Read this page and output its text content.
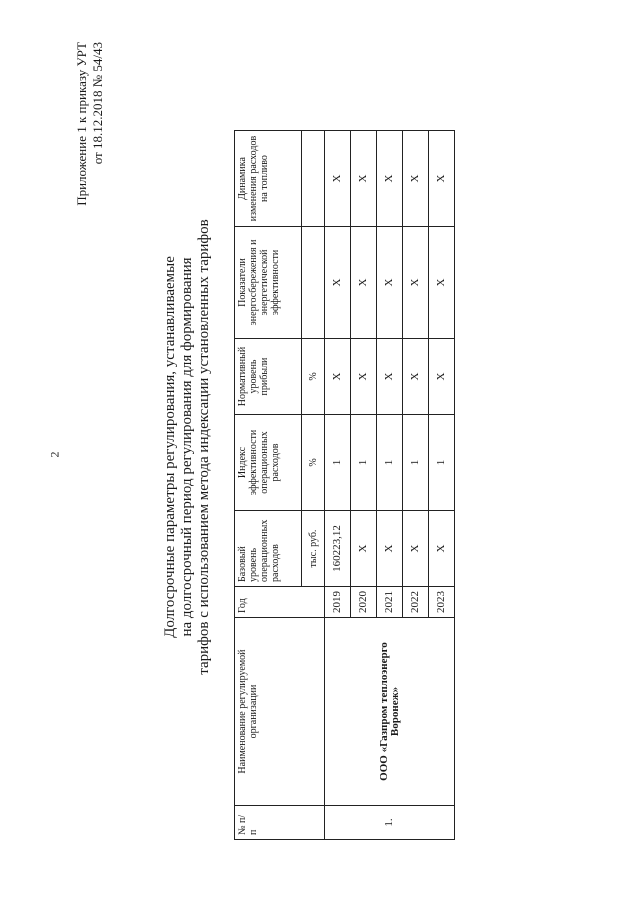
2
Приложение 1 к приказу УРТ от 18.12.2018 № 54/43
Долгосрочные параметры регулирования, устанавливаемые на долгосрочный период регулирования для формирования тарифов с использованием метода индексации установленных тарифов
№ п/п	Наименование регулируемой организации	Год	Базовый уровень операционных расходов	Индекс эффективности операционных расходов	Нормативный уровень прибыли	Показатели энергосбережения и энергетической эффективности	Динамика изменения расходов на топливо
			тыс. руб.	%	%		
1.	ООО «Газпром теплоэнерго Воронеж»	2019	160223,12	1	X	X	X
		2020	X	1	X	X	X
		2021	X	1	X	X	X
		2022	X	1	X	X	X
		2023	X	1	X	X	X
